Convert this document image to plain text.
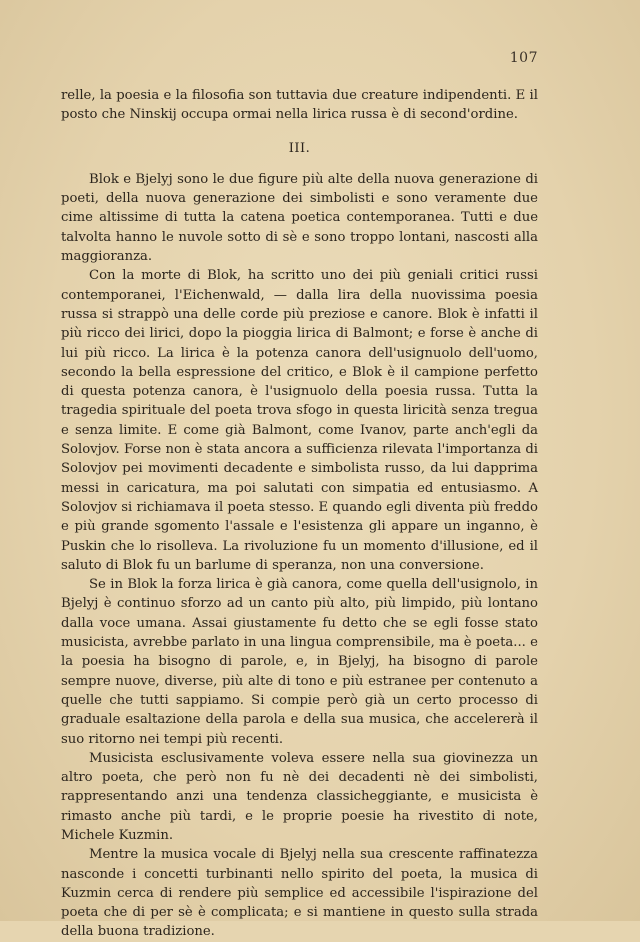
107

relle, la poesia e la filosofia son tuttavia due creature indipendenti. E il posto che Ninskij occupa ormai nella lirica russa è di second'ordine.

III.

Blok e Bjelyj sono le due figure più alte della nuova generazione di poeti, della nuova generazione dei simbolisti e sono veramente due cime altissime di tutta la catena poetica contemporanea. Tutti e due talvolta hanno le nuvole sotto di sè e sono troppo lontani, nascosti alla maggioranza.

Con la morte di Blok, ha scritto uno dei più geniali critici russi contemporanei, l'Eichenwald, — dalla lira della nuovissima poesia russa si strappò una delle corde più preziose e canore. Blok è infatti il più ricco dei lirici, dopo la pioggia lirica di Balmont; e forse è anche di lui più ricco. La lirica è la potenza canora dell'usignuolo dell'uomo, secondo la bella espressione del critico, e Blok è il campione perfetto di questa potenza canora, è l'usignuolo della poesia russa. Tutta la tragedia spirituale del poeta trova sfogo in questa liricità senza tregua e senza limite. E come già Balmont, come Ivanov, parte anch'egli da Solovjov. Forse non è stata ancora a sufficienza rilevata l'importanza di Solovjov pei movimenti decadente e simbolista russo, da lui dapprima messi in caricatura, ma poi salutati con simpatia ed entusiasmo. A Solovjov si richiamava il poeta stesso. E quando egli diventa più freddo e più grande sgomento l'assale e l'esistenza gli appare un inganno, è Puskin che lo risolleva. La rivoluzione fu un momento d'illusione, ed il saluto di Blok fu un barlume di speranza, non una conversione.

Se in Blok la forza lirica è già canora, come quella dell'usignolo, in Bjelyj è continuo sforzo ad un canto più alto, più limpido, più lontano dalla voce umana. Assai giustamente fu detto che se egli fosse stato musicista, avrebbe parlato in una lingua comprensibile, ma è poeta... e la poesia ha bisogno di parole, e, in Bjelyj, ha bisogno di parole sempre nuove, diverse, più alte di tono e più estranee per contenuto a quelle che tutti sappiamo. Si compie però già un certo processo di graduale esaltazione della parola e della sua musica, che accelererà il suo ritorno nei tempi più recenti.

Musicista esclusivamente voleva essere nella sua giovinezza un altro poeta, che però non fu nè dei decadenti nè dei simbolisti, rappresentando anzi una tendenza classicheggiante, e musicista è rimasto anche più tardi, e le proprie poesie ha rivestito di note, Michele Kuzmin.

Mentre la musica vocale di Bjelyj nella sua crescente raffinatezza nasconde i concetti turbinanti nello spirito del poeta, la musica di Kuzmin cerca di rendere più semplice ed accessibile l'ispirazione del poeta che di per sè è complicata; e si mantiene in questo sulla strada della buona tradizione.
